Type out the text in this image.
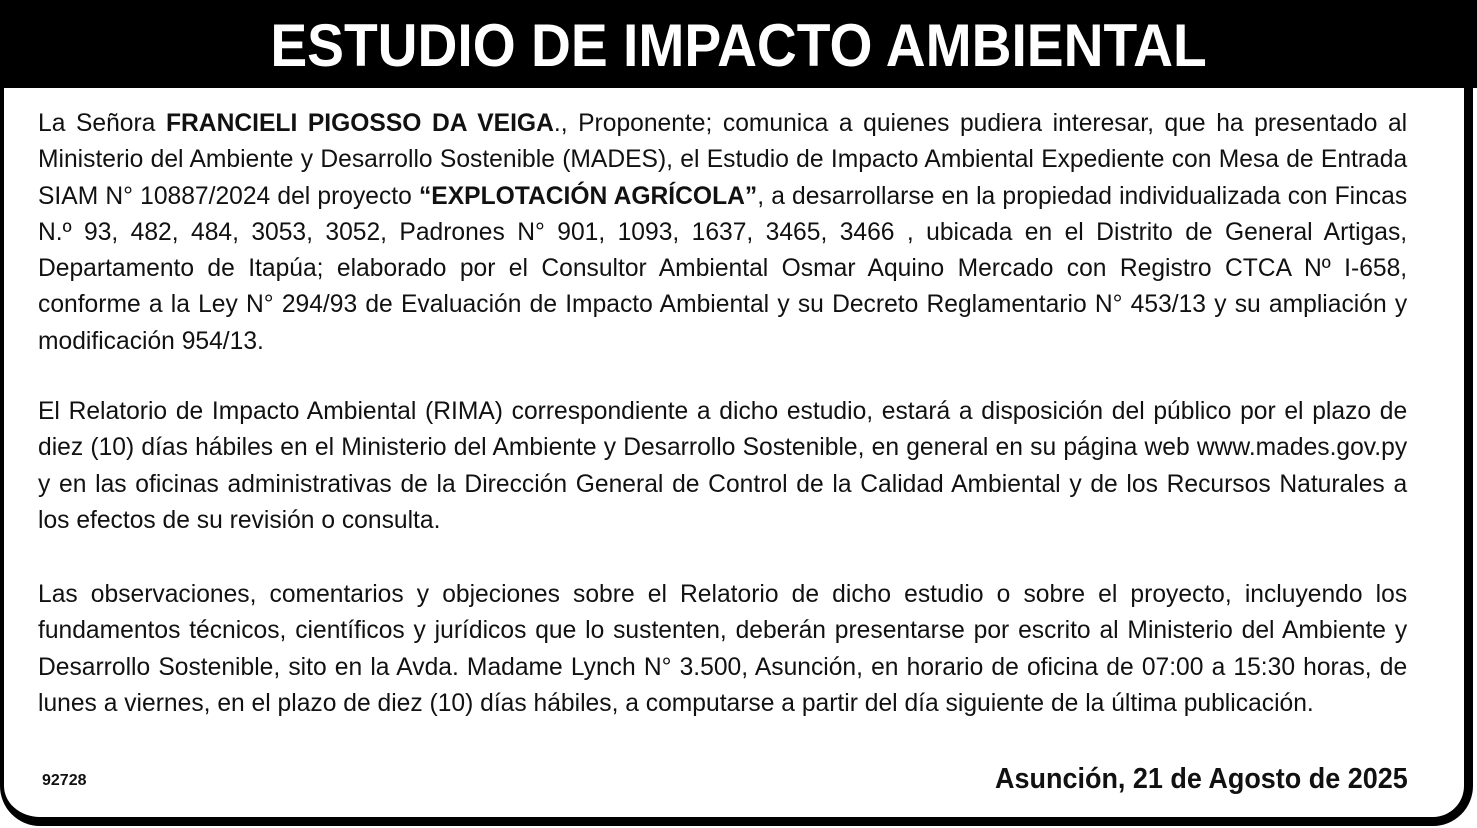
ESTUDIO DE IMPACTO AMBIENTAL
La Señora FRANCIELI PIGOSSO DA VEIGA., Proponente; comunica a quienes pudiera interesar, que ha presentado al Ministerio del Ambiente y Desarrollo Sostenible (MADES), el Estudio de Impacto Ambiental Expediente con Mesa de Entrada SIAM N° 10887/2024 del proyecto “EXPLOTACIÓN AGRÍCOLA”, a desarrollarse en la propiedad individualizada con Fincas N.º 93, 482, 484, 3053, 3052, Padrones N° 901, 1093, 1637, 3465, 3466 , ubicada en el Distrito de General Artigas, Departamento de Itapúa; elaborado por el Consultor Ambiental Osmar Aquino Mercado con Registro CTCA Nº I-658, conforme a la Ley N° 294/93 de Evaluación de Impacto Ambiental y su Decreto Reglamentario N° 453/13 y su ampliación y modificación 954/13.
El Relatorio de Impacto Ambiental (RIMA) correspondiente a dicho estudio, estará a disposición del público por el plazo de diez (10) días hábiles en el Ministerio del Ambiente y Desarrollo Sostenible, en general en su página web www.mades.gov.py y en las oficinas administrativas de la Dirección General de Control de la Calidad Ambiental y de los Recursos Naturales a los efectos de su revisión o consulta.
Las observaciones, comentarios y objeciones sobre el Relatorio de dicho estudio o sobre el proyecto, incluyendo los fundamentos técnicos, científicos y jurídicos que lo sustenten, deberán presentarse por escrito al Ministerio del Ambiente y Desarrollo Sostenible, sito en la Avda. Madame Lynch N° 3.500, Asunción, en horario de oficina de 07:00 a 15:30 horas, de lunes a viernes, en el plazo de diez (10) días hábiles, a computarse a partir del día siguiente de la última publicación.
92728	Asunción, 21 de Agosto de 2025
